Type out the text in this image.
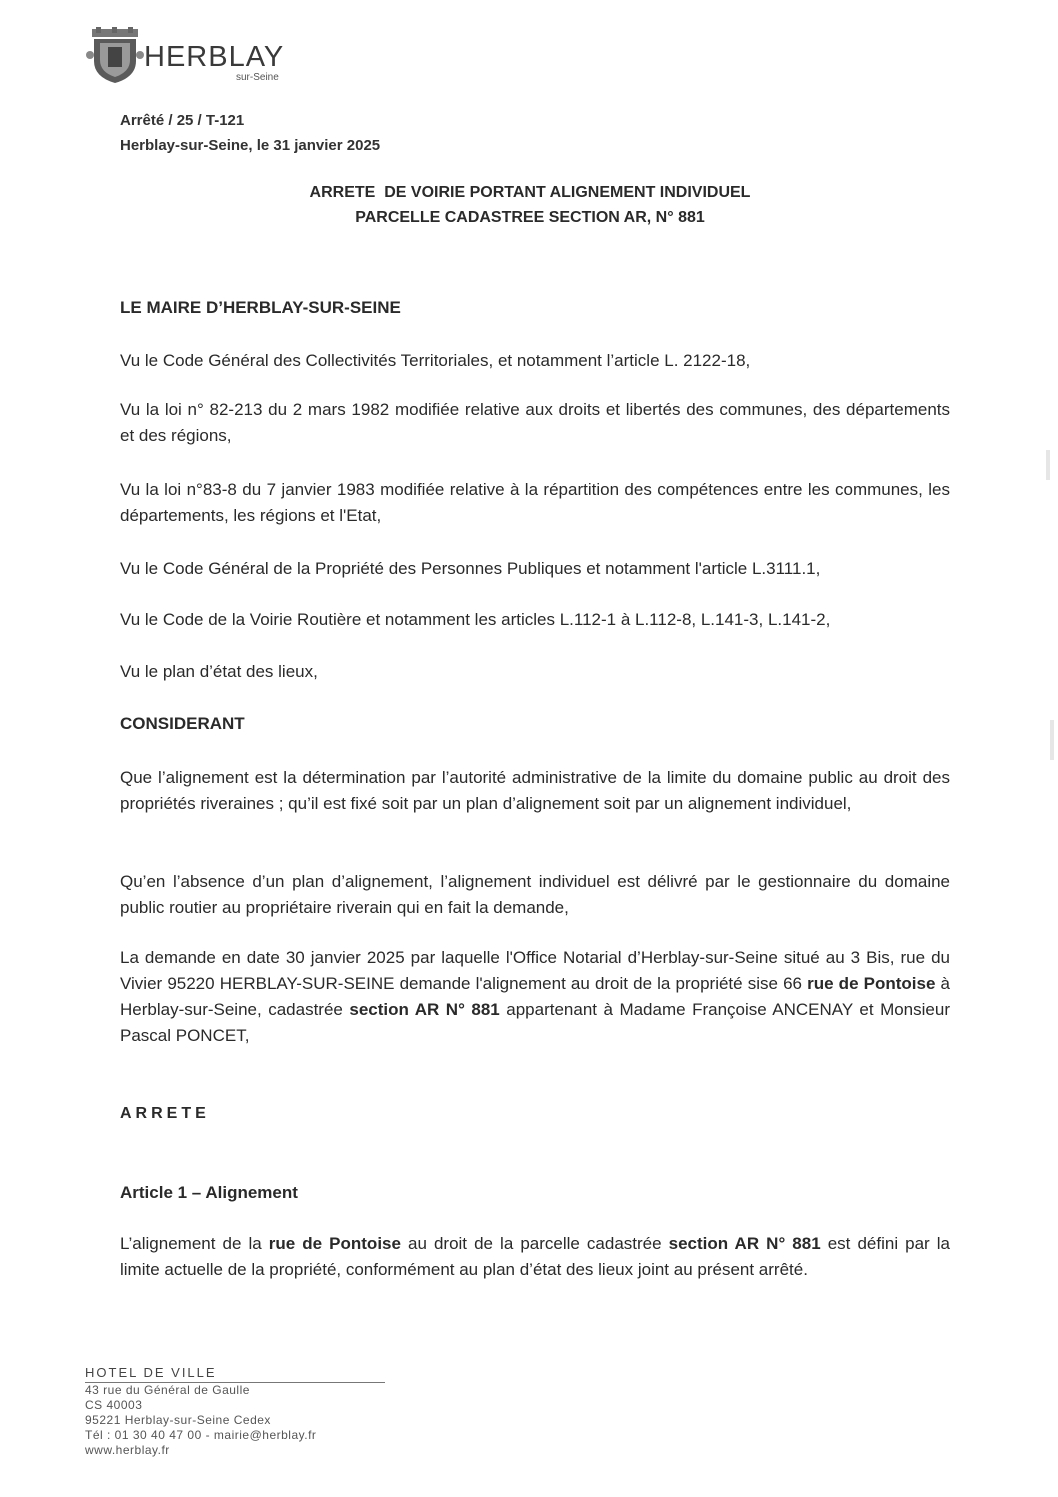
HERBLAY
sur-Seine
Arrêté / 25 / T-121
Herblay-sur-Seine, le 31 janvier 2025
ARRETE  DE VOIRIE PORTANT ALIGNEMENT INDIVIDUEL
PARCELLE CADASTREE SECTION AR, N° 881
LE MAIRE D’HERBLAY-SUR-SEINE
Vu le Code Général des Collectivités Territoriales, et notamment l’article L. 2122-18,
Vu la loi n° 82-213 du 2 mars 1982 modifiée relative aux droits et libertés des communes, des départements et des régions,
Vu la loi n°83-8 du 7 janvier 1983 modifiée relative à la répartition des compétences entre les communes, les départements, les régions et l'Etat,
Vu le Code Général de la Propriété des Personnes Publiques et notamment l'article L.3111.1,
Vu le Code de la Voirie Routière et notamment les articles L.112-1 à L.112-8, L.141-3, L.141-2,
Vu le plan d’état des lieux,
CONSIDERANT
Que l’alignement est la détermination par l’autorité administrative de la limite du domaine public au droit des propriétés riveraines ; qu’il est fixé soit par un plan d’alignement soit par un alignement individuel,
Qu’en l’absence d’un plan d’alignement, l’alignement individuel est délivré par le gestionnaire du domaine public routier au propriétaire riverain qui en fait la demande,
La demande en date 30 janvier 2025 par laquelle l'Office Notarial d’Herblay-sur-Seine situé au 3 Bis, rue du Vivier 95220 HERBLAY-SUR-SEINE demande l'alignement au droit de la propriété sise 66 rue de Pontoise à Herblay-sur-Seine, cadastrée section AR N° 881 appartenant à Madame Françoise ANCENAY et Monsieur Pascal PONCET,
ARRETE
Article 1 – Alignement
L’alignement de la rue de Pontoise au droit de la parcelle cadastrée section AR N° 881 est défini par la limite actuelle de la propriété, conformément au plan d’état des lieux joint au présent arrêté.
HOTEL DE VILLE
43 rue du Général de Gaulle
CS 40003
95221 Herblay-sur-Seine Cedex
Tél : 01 30 40 47 00 - mairie@herblay.fr
www.herblay.fr
